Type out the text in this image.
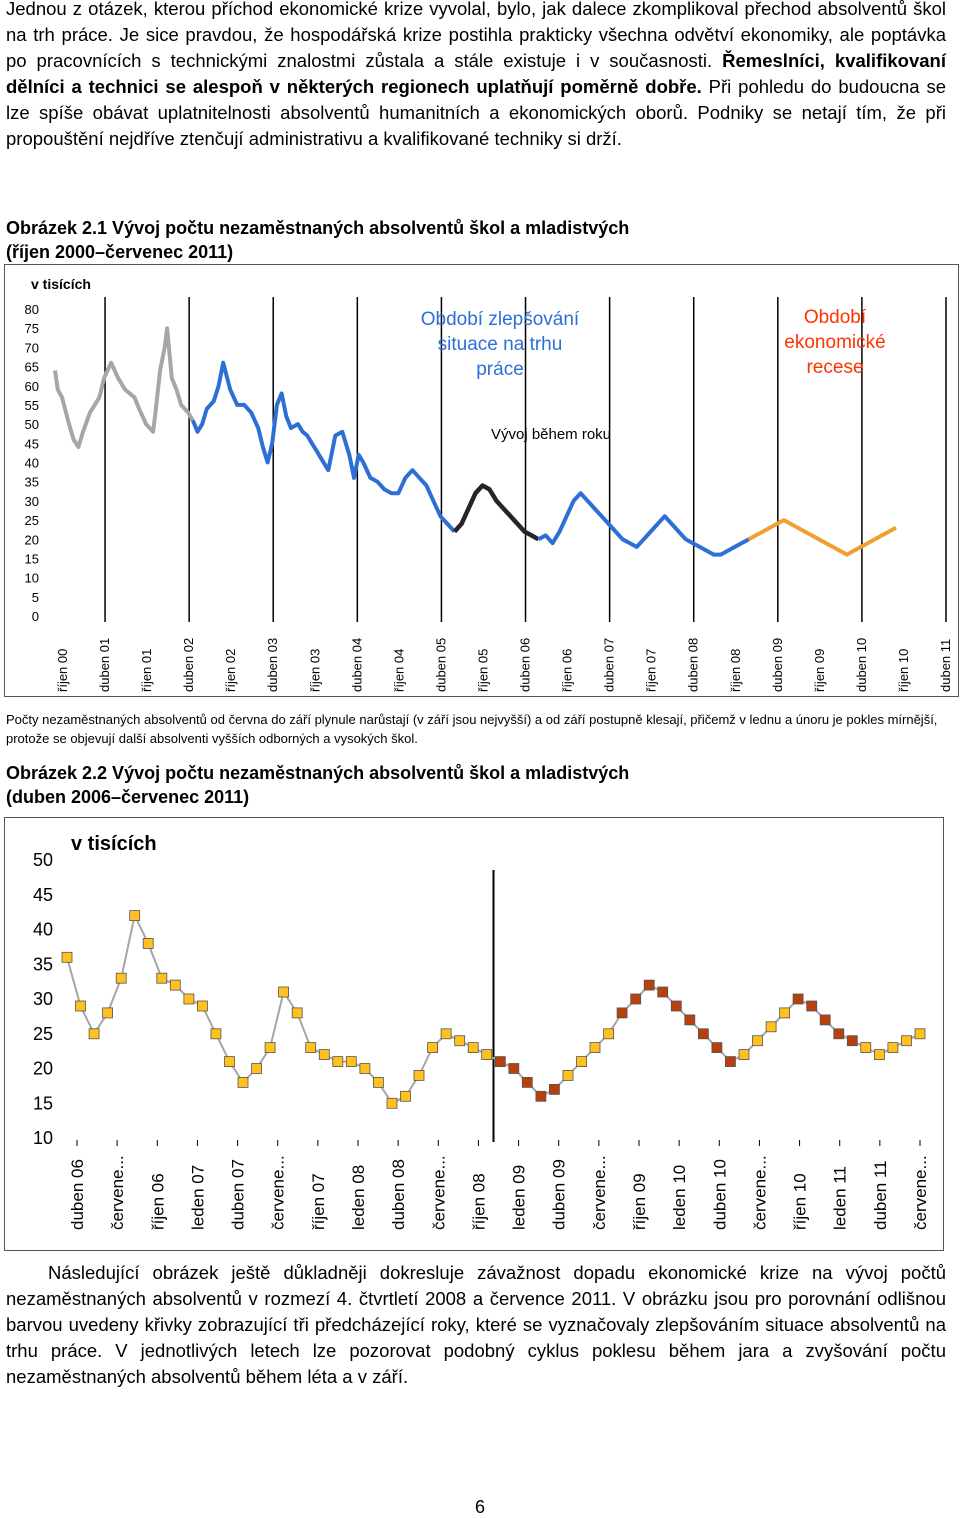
Jednou z otázek, kterou příchod ekonomické krize vyvolal, bylo, jak dalece zkomplikoval přechod absolventů škol na trh práce. Je sice pravdou, že hospodářská krize postihla prakticky všechna odvětví ekonomiky, ale poptávka po pracovnících s technickými znalostmi zůstala a stále existuje i v současnosti. Řemeslníci, kvalifikovaní dělníci a technici se alespoň v některých regionech uplatňují poměrně dobře. Při pohledu do budoucna se lze spíše obávat uplatnitelnosti absolventů humanitních a ekonomických oborů. Podniky se netají tím, že při propouštění nejdříve ztenčují administrativu a kvalifikované techniky si drží.

Obrázek 2.1 Vývoj počtu nezaměstnaných absolventů škol a mladistvých
(říjen 2000–červenec 2011)

v tisících
0
5
10
15
20
25
30
35
40
45
50
55
60
65
70
75
80
říjen 00 duben 01 říjen 01 duben 02 říjen 02 duben 03 říjen 03 duben 04 říjen 04 duben 05 říjen 05 duben 06 říjen 06 duben 07 říjen 07 duben 08 říjen 08 duben 09 říjen 09 duben 10 říjen 10 duben 11
Období zlepšování
situace na trhu
práce
Období
ekonomické
recese
Vývoj během roku

Počty nezaměstnaných absolventů od června do září plynule narůstají (v září jsou nejvyšší) a od září postupně klesají, přičemž v lednu a únoru je pokles mírnější, protože se objevují další absolventi vyšších odborných a vysokých škol.

Obrázek 2.2 Vývoj počtu nezaměstnaných absolventů škol a mladistvých
(duben 2006–červenec 2011)

v tisících
10
15
20
25
30
35
40
45
50
duben 06 červene... říjen 06 leden 07 duben 07 červene... říjen 07 leden 08 duben 08 červene... říjen 08 leden 09 duben 09 červene... říjen 09 leden 10 duben 10 červene... říjen 10 leden 11 duben 11 červene...

Následující obrázek ještě důkladněji dokresluje závažnost dopadu ekonomické krize na vývoj počtů nezaměstnaných absolventů v rozmezí 4. čtvrtletí 2008 a července 2011. V obrázku jsou pro porovnání odlišnou barvou uvedeny křivky zobrazující tři předcházející roky, které se vyznačovaly zlepšováním situace absolventů na trhu práce. V jednotlivých letech lze pozorovat podobný cyklus poklesu během jara a zvyšování počtu nezaměstnaných absolventů během léta a v září.

6
